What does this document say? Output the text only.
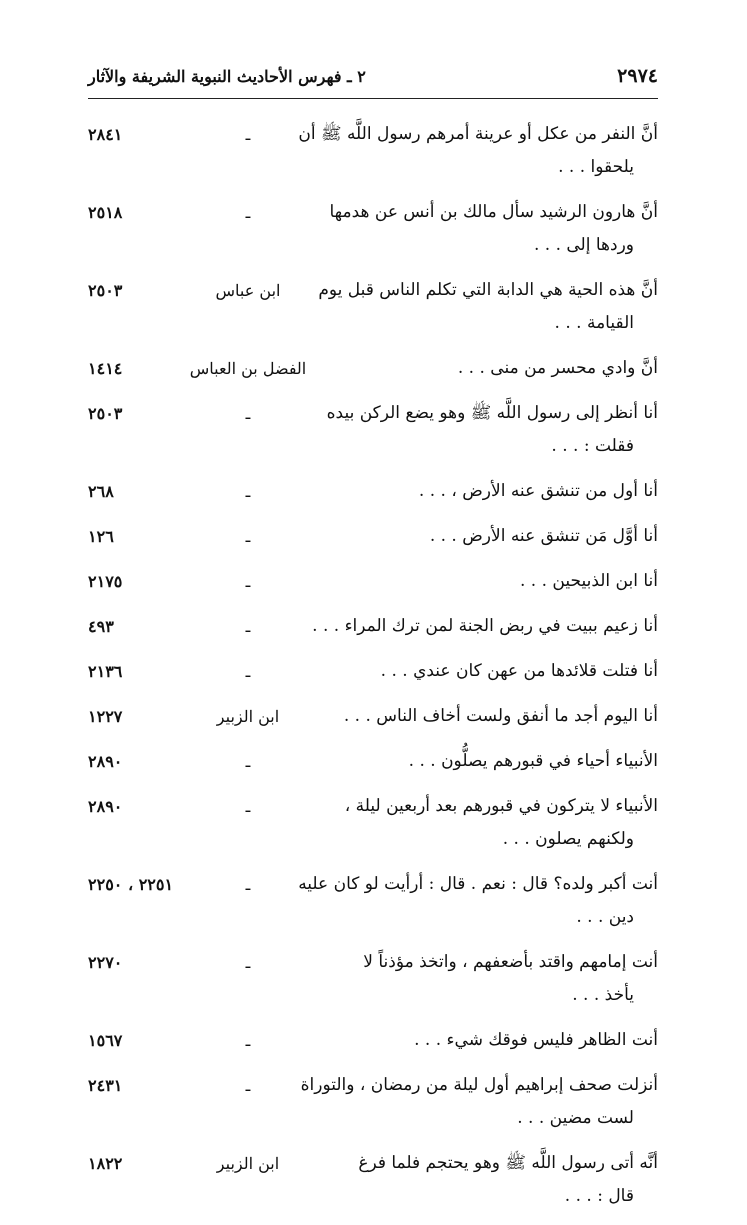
٢٩٧٤
٢ ـ فهرس الأحاديث النبوية الشريفة والآثار
أنَّ النفر من عكل أو عرينة أمرهم رسول اللَّه ﷺ أن
يلحقوا . . .
ـ
٢٨٤١
أنَّ هارون الرشيد سأل مالك بن أنس عن هدمها
وردها إلى . . .
ـ
٢٥١٨
أنَّ هذه الحية هي الدابة التي تكلم الناس قبل يوم
القيامة . . .
ابن عباس
٢٥٠٣
أنَّ وادي محسر من منى . . .
الفضل بن العباس
١٤١٤
أنا أنظر إلى رسول اللَّه ﷺ وهو يضع الركن بيده
فقلت : . . .
ـ
٢٥٠٣
أنا أول من تنشق عنه الأرض ، . . .
ـ
٢٦٨
أنا أوَّل مَن تنشق عنه الأرض . . .
ـ
١٢٦
أنا ابن الذبيحين . . .
ـ
٢١٧٥
أنا زعيم ببيت في ربض الجنة لمن ترك المراء . . .
ـ
٤٩٣
أنا فتلت قلائدها من عهن كان عندي . . .
ـ
٢١٣٦
أنا اليوم أجد ما أنفق ولست أخاف الناس . . .
ابن الزبير
١٢٢٧
الأنبياء أحياء في قبورهم يصلُّون . . .
ـ
٢٨٩٠
الأنبياء لا يتركون في قبورهم بعد أربعين ليلة ،
ولكنهم يصلون . . .
ـ
٢٨٩٠
أنت أكبر ولده؟ قال : نعم . قال : أرأيت لو كان عليه
دين . . .
ـ
٢٢٥١ ، ٢٢٥٠
أنت إمامهم واقتد بأضعفهم ، واتخذ مؤذناً لا
يأخذ . . .
ـ
٢٢٧٠
أنت الظاهر فليس فوقك شيء . . .
ـ
١٥٦٧
أنزلت صحف إبراهيم أول ليلة من رمضان ، والتوراة
لست مضين . . .
ـ
٢٤٣١
أنَّه أتى رسول اللَّه ﷺ وهو يحتجم فلما فرغ
قال : . . .
ابن الزبير
١٨٢٢
